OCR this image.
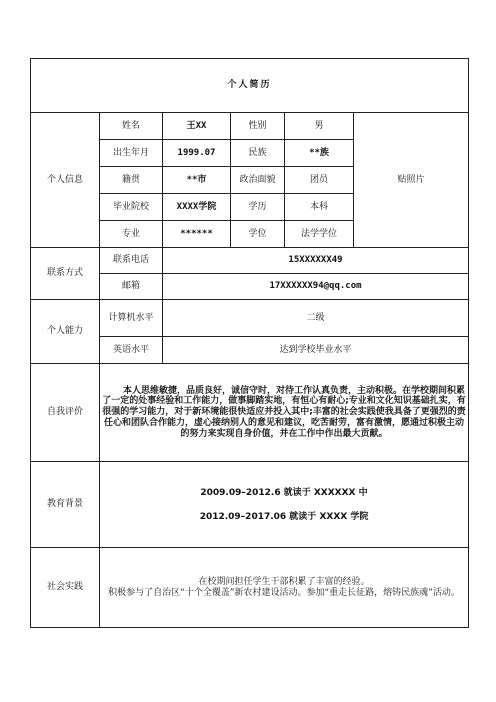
个人简历					
个人信息	姓名	王XX	性别	男	贴照片
	出生年月	1999.07	民族	**族	
	籍贯	**市	政治面貌	团员	
	毕业院校	XXXX学院	学历	本科	
	专业	******	学位	法学学位	
联系方式	联系电话	15XXXXXX49			
	邮箱	17XXXXXX94@qq.com			
个人能力	计算机水平	二级			
	英语水平	达到学校毕业水平			
自我评价	本人思维敏捷，品质良好，诚信守时，对待工作认真负责，主动积极。在学校期间积累了一定的处事经验和工作能力，做事脚踏实地，有恒心有耐心;专业和文化知识基础扎实，有很强的学习能力，对于新环境能很快适应并投入其中;丰富的社会实践使我具备了更强烈的责任心和团队合作能力，虚心接纳别人的意见和建议，吃苦耐劳，富有激情，愿通过积极主动的努力来实现自身价值，并在工作中作出最大贡献。				

教育背景	2009.09–2012.6 就读于 XXXXXX 中
2012.09–2017.06 就读于 XXXX 学院				

社会实践	在校期间担任学生干部积累了丰富的经验。
积极参与了自治区“十个全覆盖”新农村建设活动。参加“重走长征路，熔铸民族魂”活动。				
